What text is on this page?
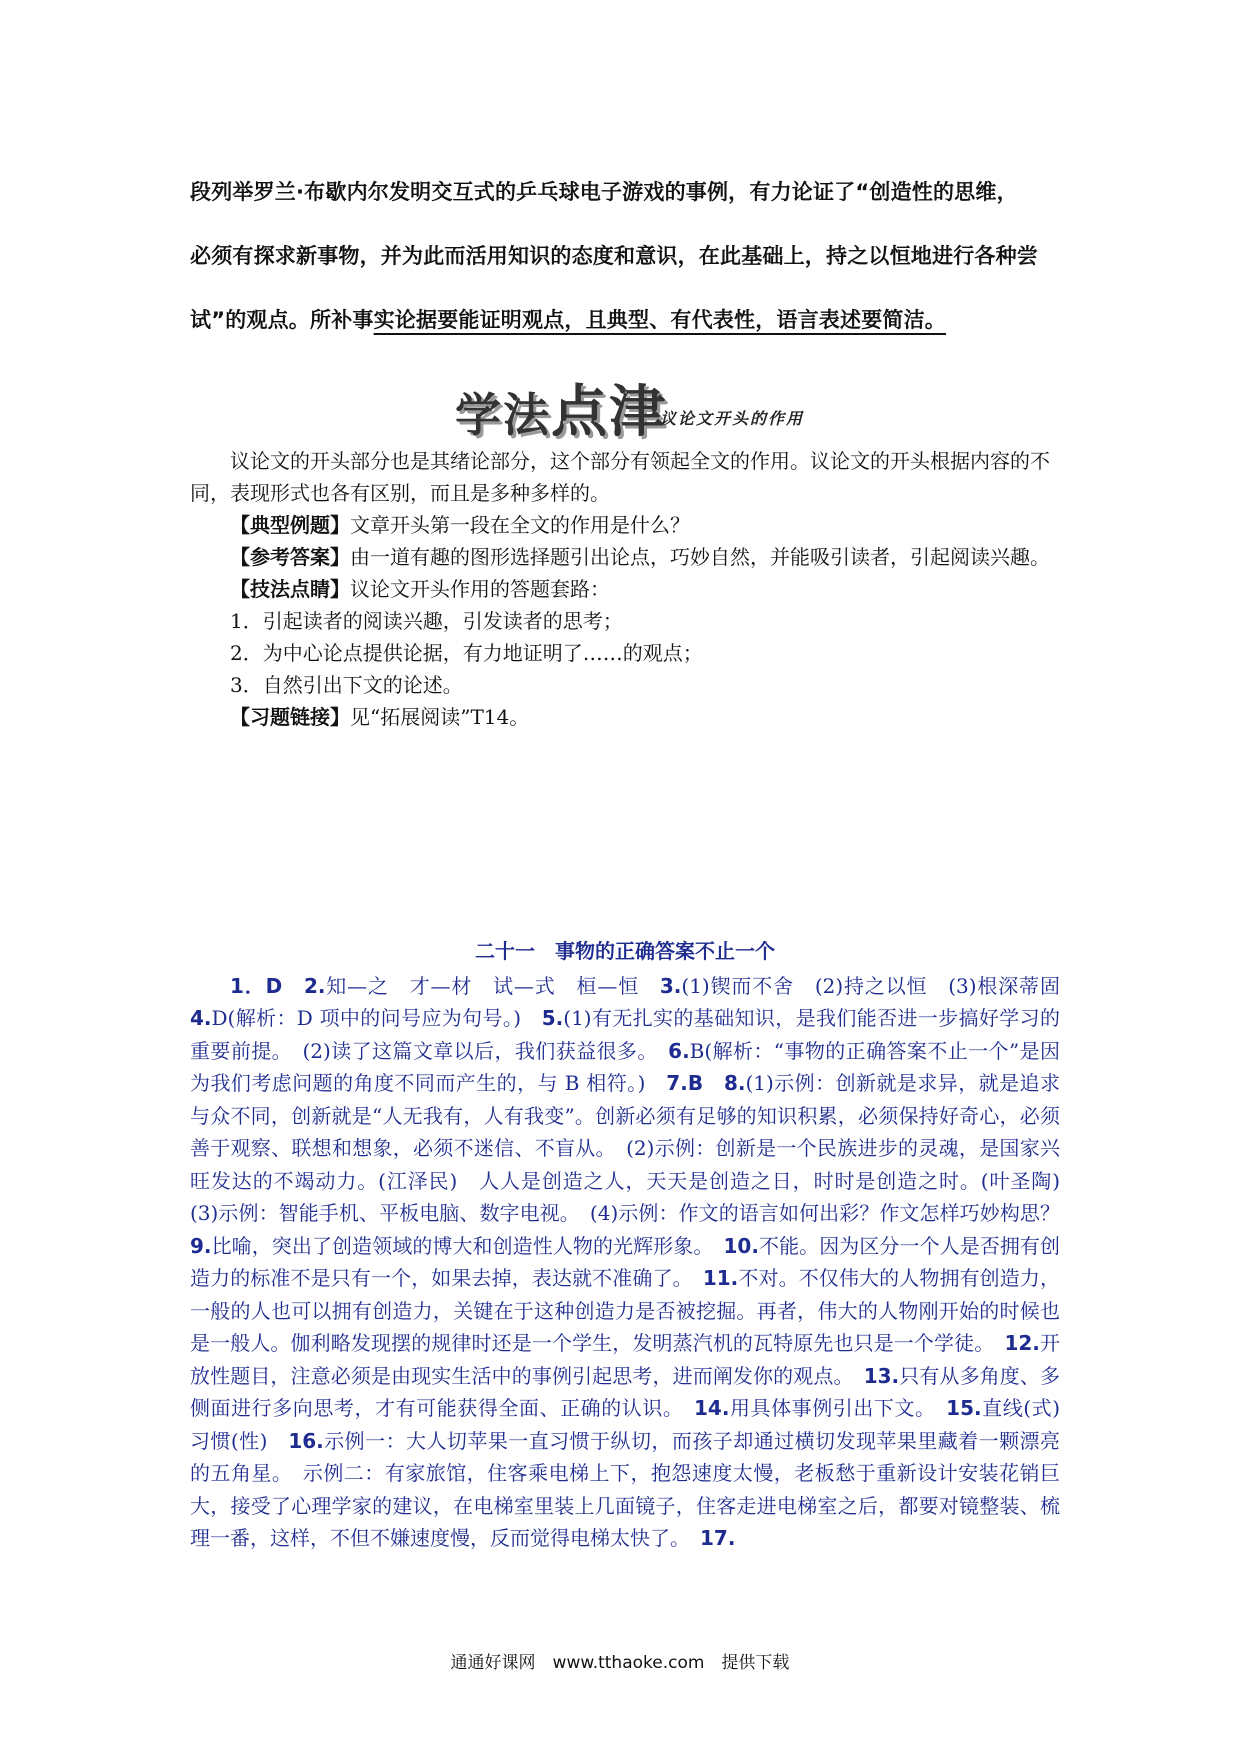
段列举罗兰·布歇内尔发明交互式的乒乓球电子游戏的事例，有力论证了“创造性的思维，
必须有探求新事物，并为此而活用知识的态度和意识，在此基础上，持之以恒地进行各种尝
试”的观点。所补事实论据要能证明观点，且典型、有代表性，语言表述要简洁。
学法点津
议论文开头的作用

议论文的开头部分也是其绪论部分，这个部分有领起全文的作用。议论文的开头根据内容的不同，表现形式也各有区别，而且是多种多样的。

【典型例题】文章开头第一段在全文的作用是什么？

【参考答案】由一道有趣的图形选择题引出论点，巧妙自然，并能吸引读者，引起阅读兴趣。

【技法点睛】议论文开头作用的答题套路：

1．引起读者的阅读兴趣，引发读者的思考；

2．为中心论点提供论据，有力地证明了……的观点；

3．自然引出下文的论述。

【习题链接】见“拓展阅读”T14。

二十一　事物的正确答案不止一个

1．D　2.知—之　才—材　试—式　桓—恒　3.(1)锲而不舍　(2)持之以恒　(3)根深蒂固　4.D(解析：D 项中的问号应为句号。)　5.(1)有无扎实的基础知识，是我们能否进一步搞好学习的重要前提。　(2)读了这篇文章以后，我们获益很多。　6.B(解析：“事物的正确答案不止一个”是因为我们考虑问题的角度不同而产生的，与 B 相符。)　7.B　8.(1)示例：创新就是求异，就是追求与众不同，创新就是“人无我有，人有我变”。创新必须有足够的知识积累，必须保持好奇心，必须善于观察、联想和想象，必须不迷信、不盲从。　(2)示例：创新是一个民族进步的灵魂，是国家兴旺发达的不竭动力。(江泽民)　人人是创造之人，天天是创造之日，时时是创造之时。(叶圣陶)　(3)示例：智能手机、平板电脑、数字电视。　(4)示例：作文的语言如何出彩？作文怎样巧妙构思？　9.比喻，突出了创造领域的博大和创造性人物的光辉形象。　10.不能。因为区分一个人是否拥有创造力的标准不是只有一个，如果去掉，表达就不准确了。　11.不对。不仅伟大的人物拥有创造力，一般的人也可以拥有创造力，关键在于这种创造力是否被挖掘。再者，伟大的人物刚开始的时候也是一般人。伽利略发现摆的规律时还是一个学生，发明蒸汽机的瓦特原先也只是一个学徒。　12.开放性题目，注意必须是由现实生活中的事例引起思考，进而阐发你的观点。　13.只有从多角度、多侧面进行多向思考，才有可能获得全面、正确的认识。　14.用具体事例引出下文。　15.直线(式)　习惯(性)　16.示例一：大人切苹果一直习惯于纵切，而孩子却通过横切发现苹果里藏着一颗漂亮的五角星。　示例二：有家旅馆，住客乘电梯上下，抱怨速度太慢，老板愁于重新设计安装花销巨大，接受了心理学家的建议，在电梯室里装上几面镜子，住客走进电梯室之后，都要对镜整装、梳理一番，这样，不但不嫌速度慢，反而觉得电梯太快了。　17.

通通好课网　www.tthaoke.com　提供下载
